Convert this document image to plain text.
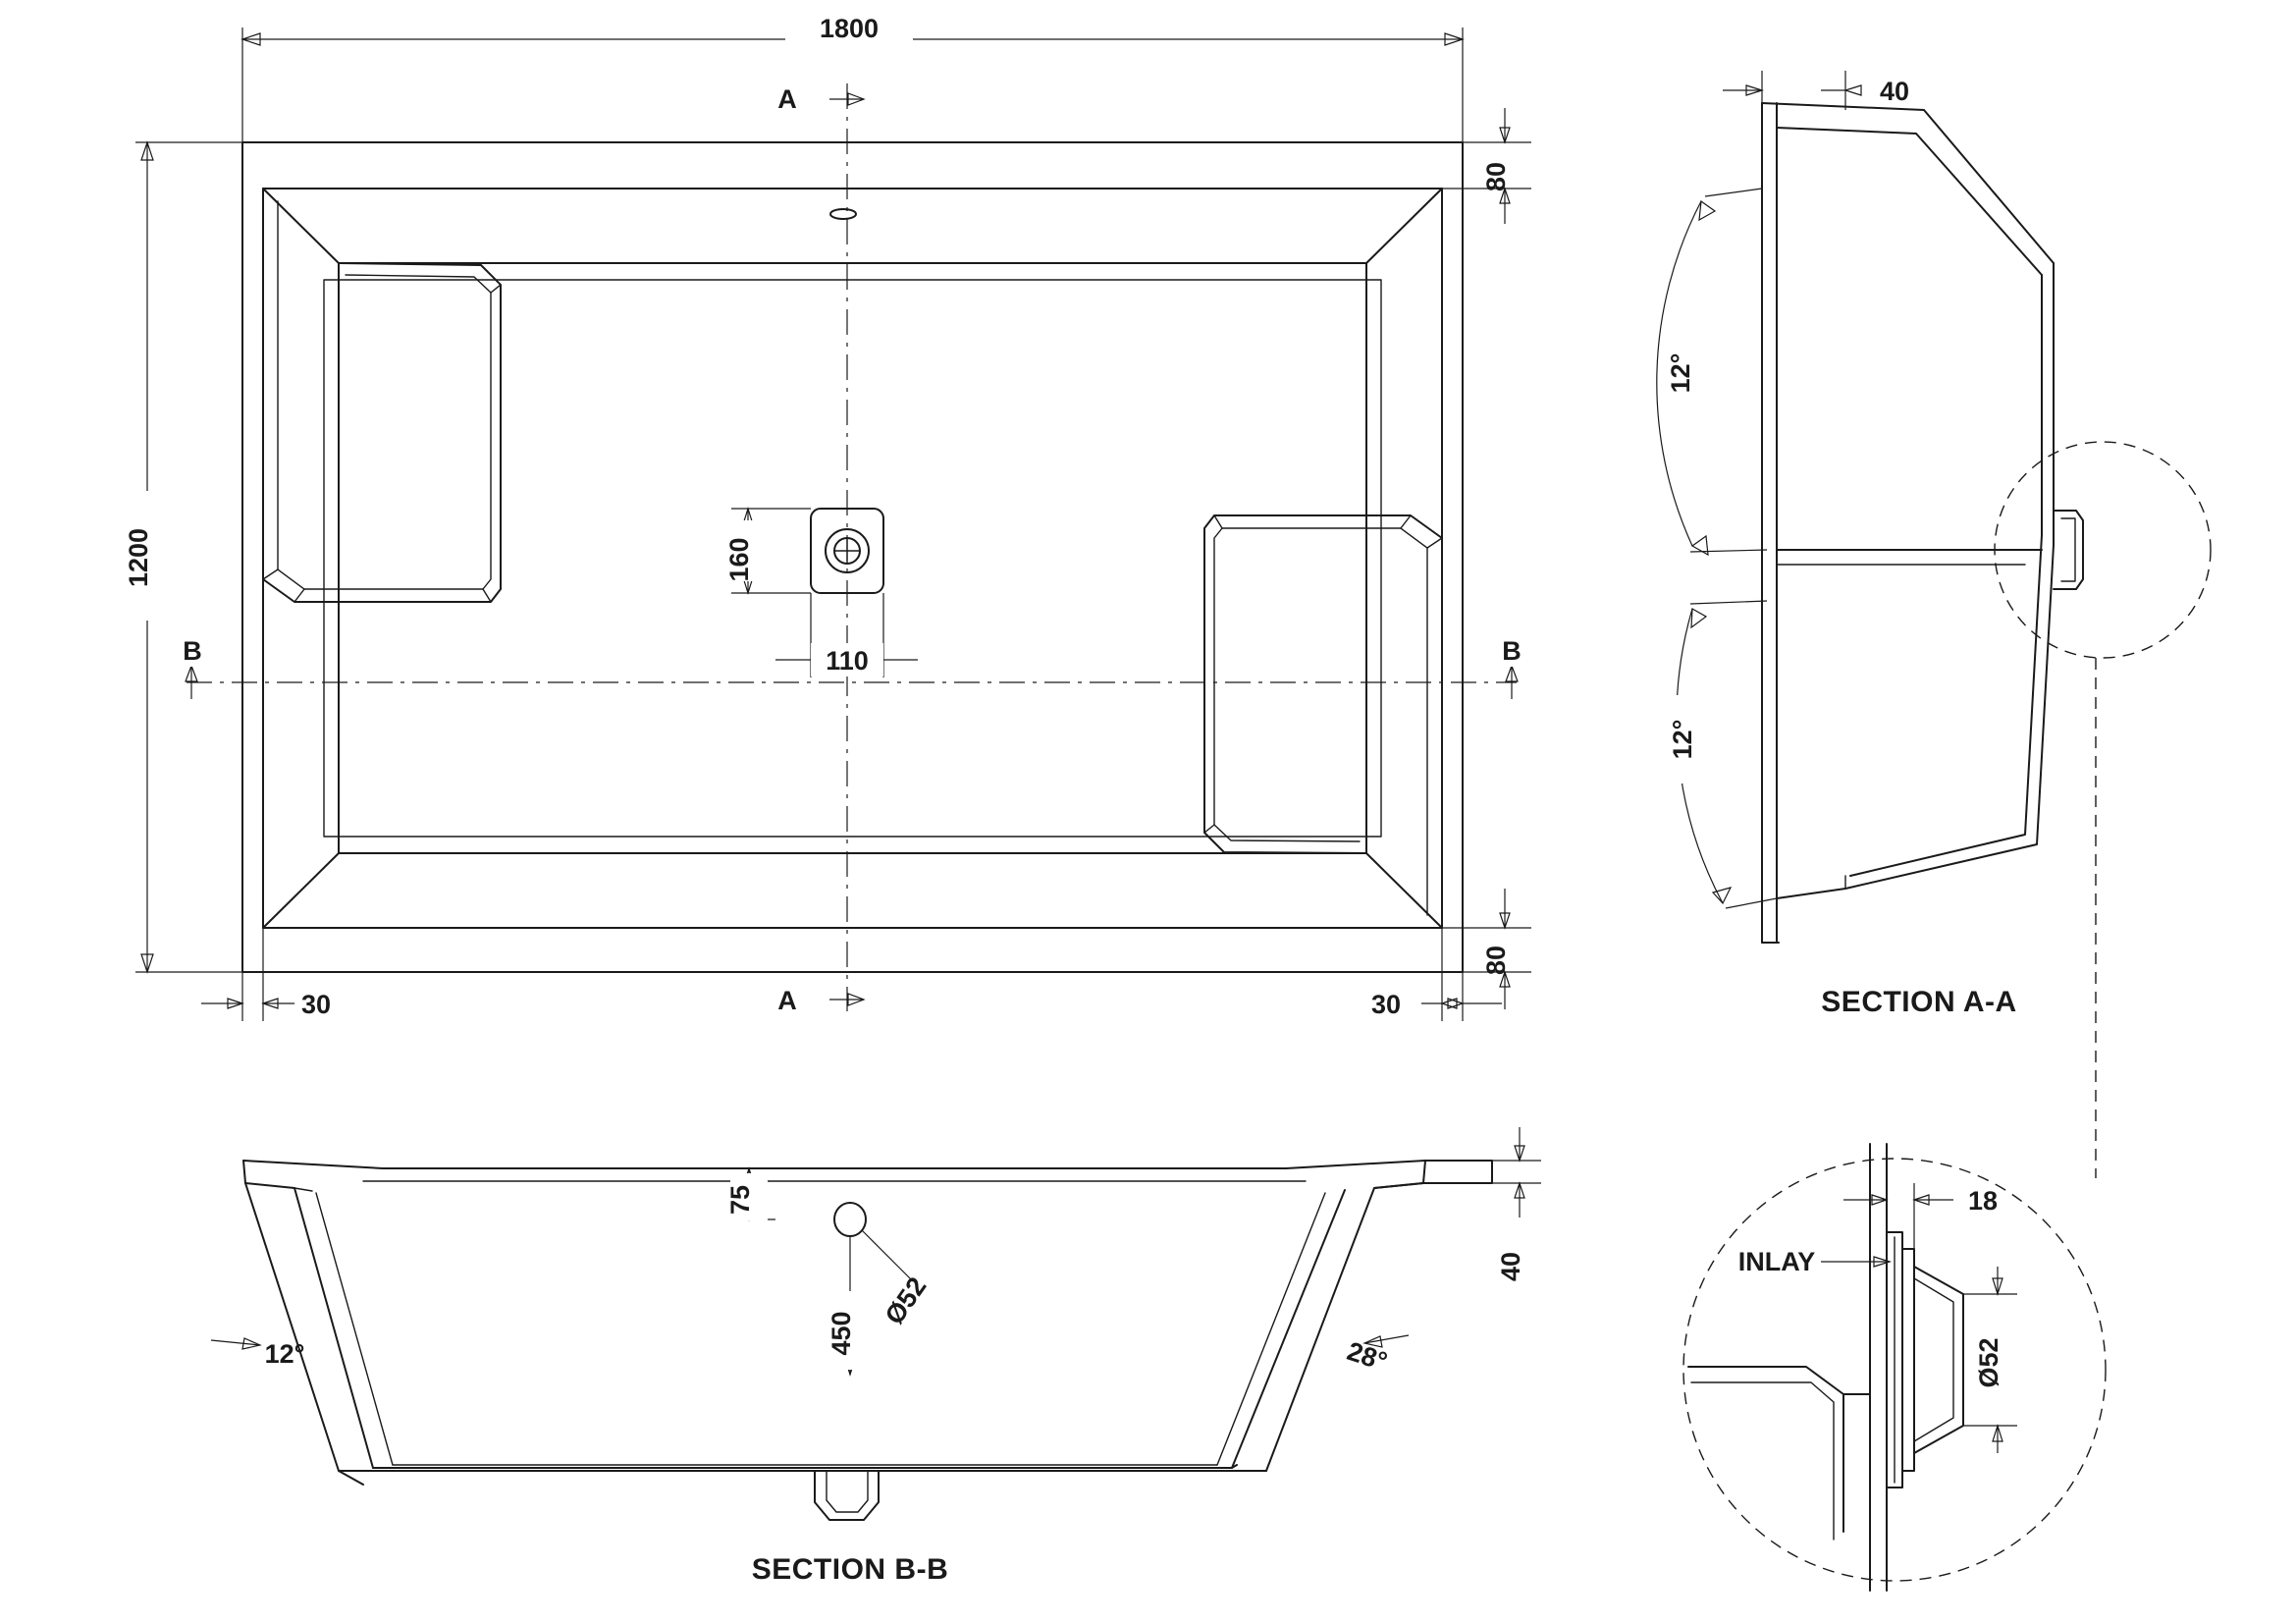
1800
1200
80
80
30	30
160
110
A
A
B	B
40
12°
12°
SECTION A-A
75
Ø52
450
40
12°	28°
SECTION B-B
18
INLAY
Ø52
